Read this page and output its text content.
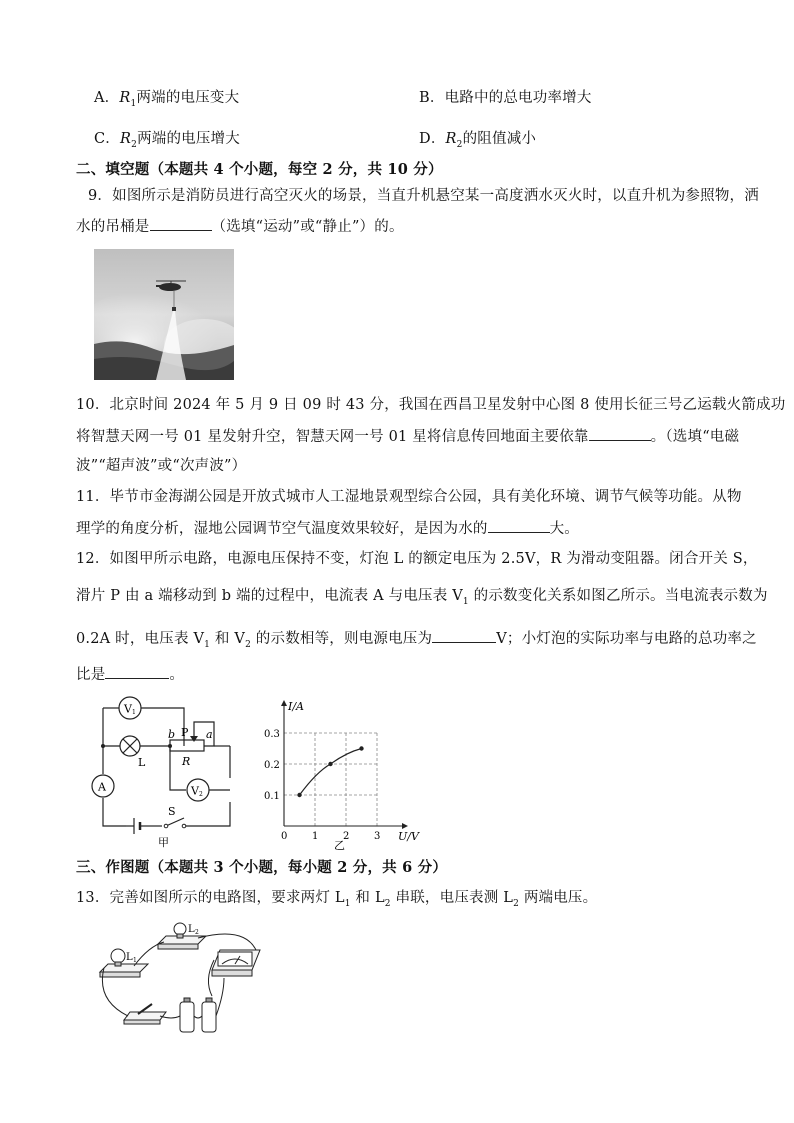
A．$R_1$两端的电压变大	B．电路中的总电功率增大
C．$R_2$两端的电压增大	D．$R_2$的阻值减小
二、填空题（本题共 4 个小题，每空 2 分，共 10 分）
9．如图所示是消防员进行高空灭火的场景，当直升机悬空某一高度洒水灭火时，以直升机为参照物，洒
水的吊桶是	（选填“运动”或“静止”）的。
10．北京时间 2024 年 5 月 9 日 09 时 43 分，我国在西昌卫星发射中心图 8 使用长征三号乙运载火箭成功
将智慧天网一号 01 星发射升空，智慧天网一号 01 星将信息传回地面主要依靠	。（选填“电磁
波”“超声波”或“次声波”）
11．毕节市金海湖公园是开放式城市人工湿地景观型综合公园，具有美化环境、调节气候等功能。从物
理学的角度分析，湿地公园调节空气温度效果较好，是因为水的	大。
12．如图甲所示电路，电源电压保持不变，灯泡 L 的额定电压为 2.5V，R 为滑动变阻器。闭合开关 S，
滑片 P 由 a 端移动到 b 端的过程中，电流表 A 与电压表 $V_1$ 的示数变化关系如图乙所示。当电流表示数为
0.2A 时，电压表 $V_1$ 和 $V_2$ 的示数相等，则电源电压为	V；小灯泡的实际功率与电路的总功率之
比是	。
V 1
L
A	V 2
b P a
R
S
甲	0 1 2 3
0.1
0.2
0.3
I/A
U/V
乙
三、作图题（本题共 3 个小题，每小题 2 分，共 6 分）
13．完善如图所示的电路图，要求两灯 $L_1$ 和 $L_2$ 串联，电压表测 $L_2$ 两端电压。
L 1
L 2
